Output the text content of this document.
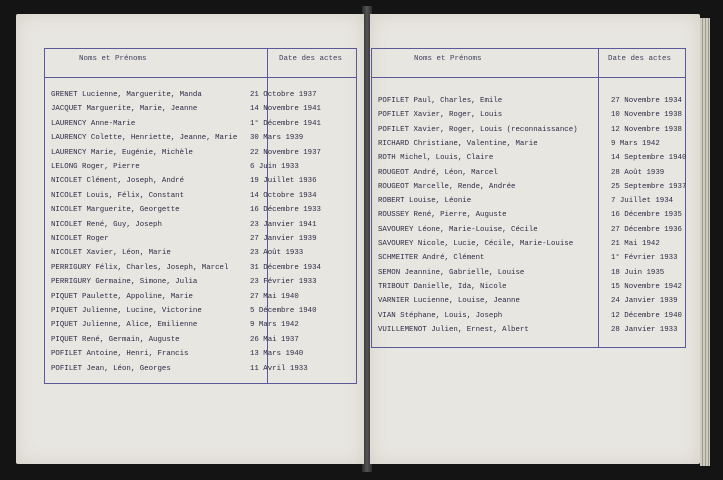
Noms et Prénoms	Date des actes
GRENET Lucienne, Marguerite, Manda	21 Octobre 1937
JACQUET Marguerite, Marie, Jeanne	14 Novembre 1941
LAURENCY Anne-Marie	1° Décembre 1941
LAURENCY Colette, Henriette, Jeanne, Marie 30 Mars 1939
LAURENCY Marie, Eugénie, Michèle	22 Novembre 1937
LELONG Roger, Pierre	6 Juin 1933
NICOLET Clément, Joseph, André	19 Juillet 1936
NICOLET Louis, Félix, Constant	14 Octobre 1934
NICOLET Marguerite, Georgette	16 Décembre 1933
NICOLET René, Guy, Joseph	23 Janvier 1941
NICOLET Roger	27 Janvier 1939
NICOLET Xavier, Léon, Marie	23 Août 1933
PERRIGURY Félix, Charles, Joseph, Marcel	31 Décembre 1934
PERRIGURY Germaine, Simone, Julia	23 Février 1933
PIQUET Paulette, Appoline, Marie	27 Mai 1940
PIQUET Julienne, Lucine, Victorine	5 Décembre 1940
PIQUET Julienne, Alice, Emilienne	9 Mars 1942
PIQUET René, Germain, Auguste	26 Mai 1937
POFILET Antoine, Henri, Francis	13 Mars 1940
POFILET Jean, Léon, Georges	11 Avril 1933
Noms et Prénoms	Date des actes
POFILET Paul, Charles, Emile	27 Novembre 1934
POFILET Xavier, Roger, Louis	10 Novembre 1938
POFILET Xavier, Roger, Louis (reconnaissance)	12 Novembre 1938
RICHARD Christiane, Valentine, Marie	9 Mars 1942
ROTH Michel, Louis, Claire	14 Septembre 1940
ROUGEOT André, Léon, Marcel	28 Août 1939
ROUGEOT Marcelle, Rende, Andrée	25 Septembre 1937
ROBERT Louise, Léonie	7 Juillet 1934
ROUSSEY René, Pierre, Auguste	16 Décembre 1935
SAVOUREY Léone, Marie-Louise, Cécile	27 Décembre 1936
SAVOUREY Nicole, Lucie, Cécile, Marie-Louise	21 Mai 1942
SCHMEITER André, Clément	1° Février 1933
SEMON Jeannine, Gabrielle, Louise	18 Juin 1935
TRIBOUT Danielle, Ida, Nicole	15 Novembre 1942
VARNIER Lucienne, Louise, Jeanne	24 Janvier 1939
VIAN Stéphane, Louis, Joseph	12 Décembre 1940
VUILLEMENOT Julien, Ernest, Albert	28 Janvier 1933
